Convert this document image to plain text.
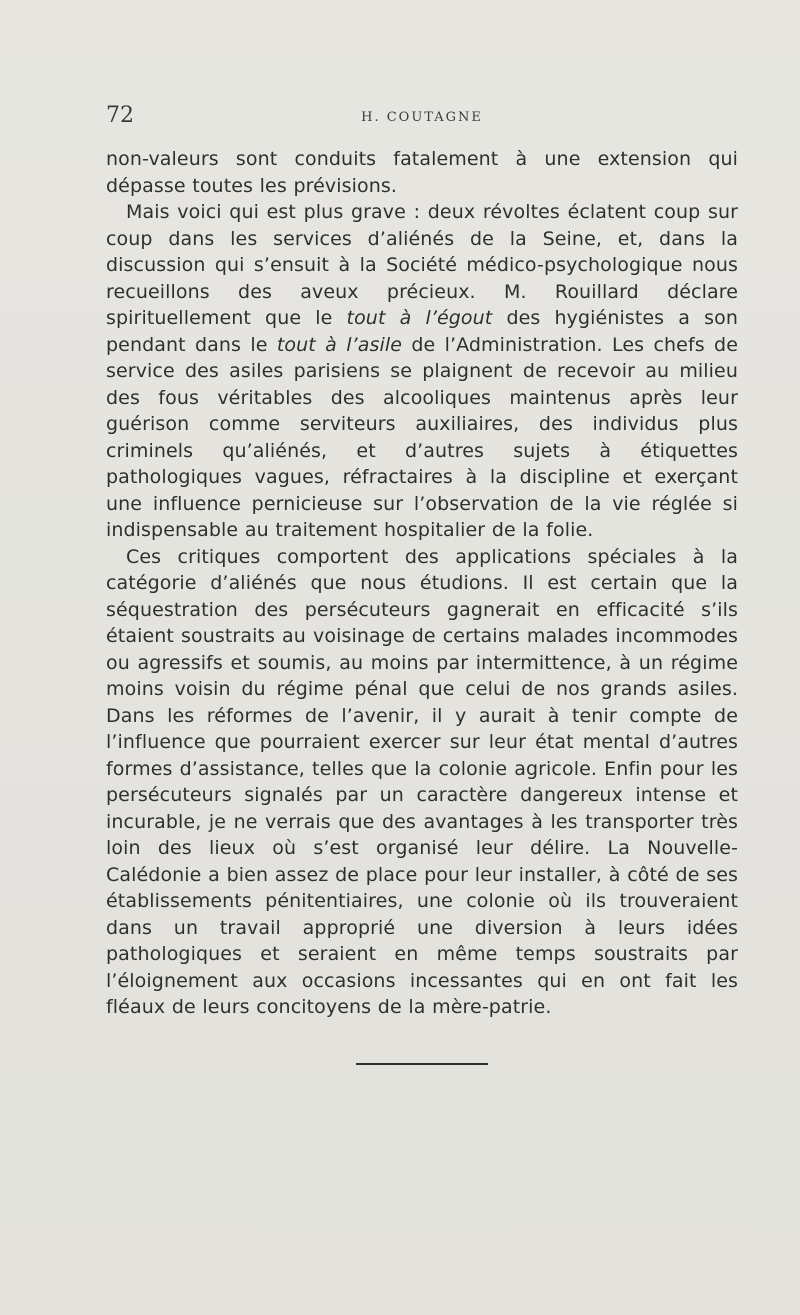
72	H. COUTAGNE

non-valeurs sont conduits fatalement à une extension qui dépasse toutes les prévisions.

Mais voici qui est plus grave : deux révoltes éclatent coup sur coup dans les services d’aliénés de la Seine, et, dans la discussion qui s’ensuit à la Société médico-psychologique nous recueillons des aveux précieux. M. Rouillard déclare spirituellement que le tout à l’égout des hygiénistes a son pendant dans le tout à l’asile de l’Administration. Les chefs de service des asiles parisiens se plaignent de recevoir au milieu des fous véritables des alcooliques maintenus après leur guérison comme serviteurs auxiliaires, des individus plus criminels qu’aliénés, et d’autres sujets à étiquettes pathologiques vagues, réfractaires à la discipline et exerçant une influence pernicieuse sur l’observation de la vie réglée si indispensable au traitement hospitalier de la folie.

Ces critiques comportent des applications spéciales à la catégorie d’aliénés que nous étudions. Il est certain que la séquestration des persécuteurs gagnerait en efficacité s’ils étaient soustraits au voisinage de certains malades incommodes ou agressifs et soumis, au moins par intermittence, à un régime moins voisin du régime pénal que celui de nos grands asiles. Dans les réformes de l’avenir, il y aurait à tenir compte de l’influence que pourraient exercer sur leur état mental d’autres formes d’assistance, telles que la colonie agricole. Enfin pour les persécuteurs signalés par un caractère dangereux intense et incurable, je ne verrais que des avantages à les transporter très loin des lieux où s’est organisé leur délire. La Nouvelle-Calédonie a bien assez de place pour leur installer, à côté de ses établissements pénitentiaires, une colonie où ils trouveraient dans un travail approprié une diversion à leurs idées pathologiques et seraient en même temps soustraits par l’éloignement aux occasions incessantes qui en ont fait les fléaux de leurs concitoyens de la mère-patrie.
